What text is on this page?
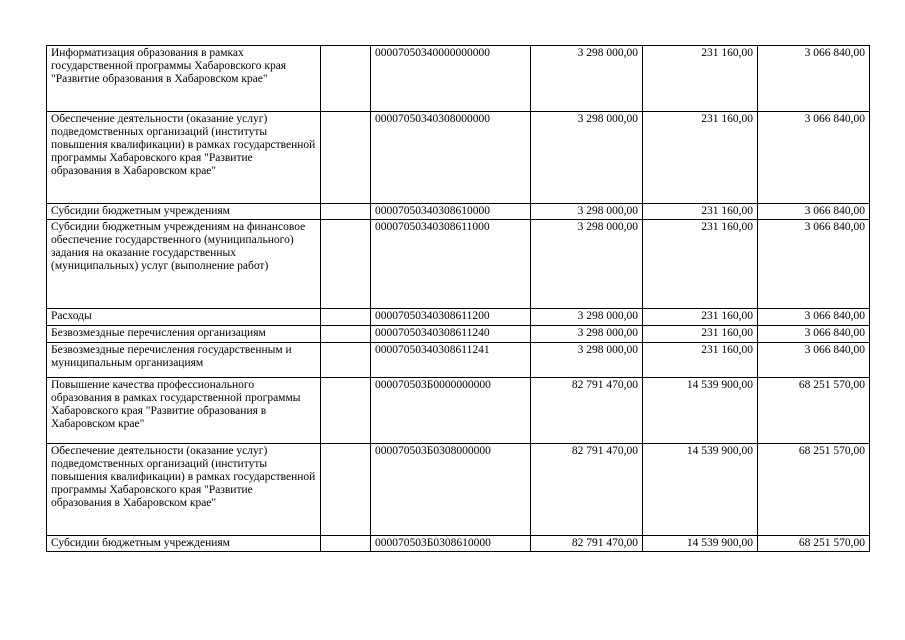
Информатизация образования в рамках государственной программы Хабаровского края "Развитие образования в Хабаровском крае"		00007050340000000000	3 298 000,00	231 160,00	3 066 840,00
Обеспечение деятельности (оказание услуг) подведомственных организаций (институты повышения квалификации) в рамках государственной программы Хабаровского края "Развитие образования в Хабаровском крае"		00007050340308000000	3 298 000,00	231 160,00	3 066 840,00
Субсидии бюджетным учреждениям		00007050340308610000	3 298 000,00	231 160,00	3 066 840,00
Субсидии бюджетным учреждениям на финансовое обеспечение государственного (муниципального) задания на оказание государственных (муниципальных) услуг (выполнение работ)		00007050340308611000	3 298 000,00	231 160,00	3 066 840,00
Расходы		00007050340308611200	3 298 000,00	231 160,00	3 066 840,00
Безвозмездные перечисления организациям		00007050340308611240	3 298 000,00	231 160,00	3 066 840,00
Безвозмездные перечисления государственным и муниципальным организациям		00007050340308611241	3 298 000,00	231 160,00	3 066 840,00
Повышение качества профессионального образования в рамках государственной программы Хабаровского края "Развитие образования в Хабаровском крае"		000070503Б0000000000	82 791 470,00	14 539 900,00	68 251 570,00
Обеспечение деятельности (оказание услуг) подведомственных организаций (институты повышения квалификации) в рамках государственной программы Хабаровского края "Развитие образования в Хабаровском крае"		000070503Б0308000000	82 791 470,00	14 539 900,00	68 251 570,00
Субсидии бюджетным учреждениям		000070503Б0308610000	82 791 470,00	14 539 900,00	68 251 570,00
